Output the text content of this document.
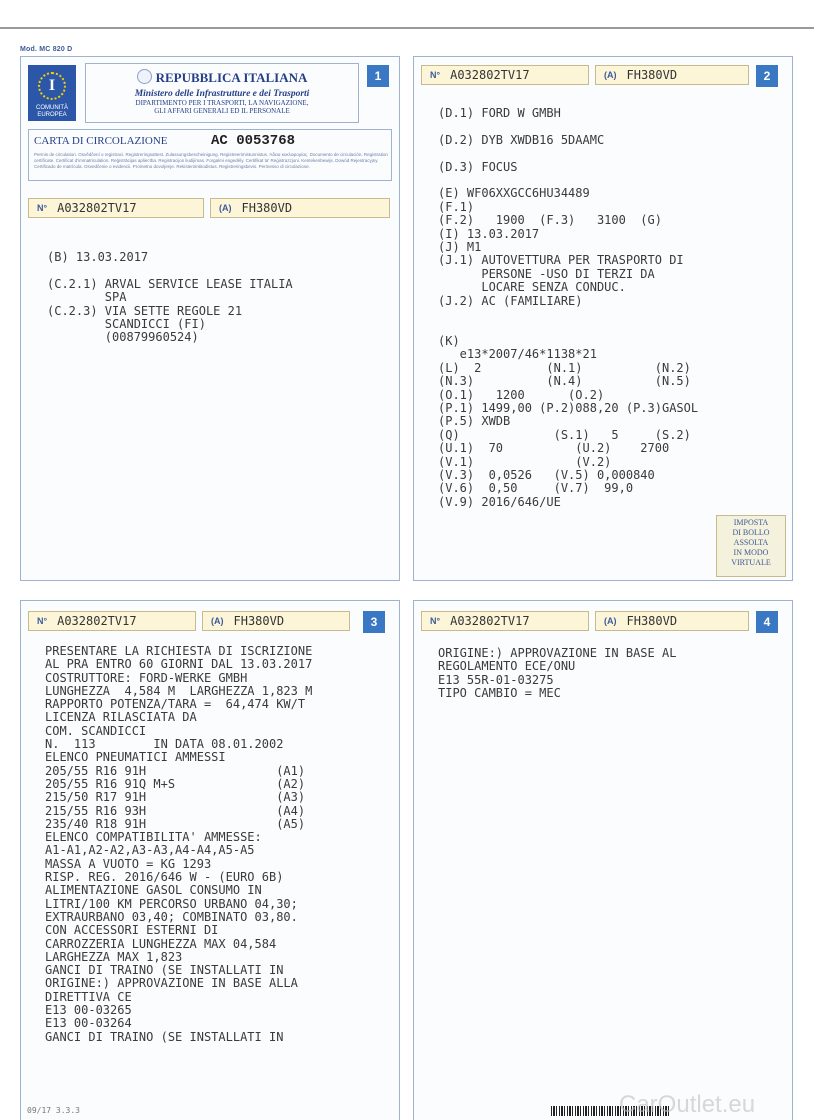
Mod. MC 820 D
I
COMUNITÀ
EUROPEA
REPUBBLICA ITALIANA
Ministero delle Infrastrutture e dei Trasporti
DIPARTIMENTO PER I TRASPORTI, LA NAVIGAZIONE,
GLI AFFARI GENERALI ED IL PERSONALE
1
CARTA DI CIRCOLAZIONE	AC 0053768
Permis de circulation. Osvědčení o registraci. Registreringsattest. Zulassungsbescheinigung. Registreerimistunnistus. Άδεια κυκλοφορίας. Documento de circulación. Registration certificate. Certificat d'immatriculation. Reģistrācijas apliecība. Registracijos liudijimas. Forgalmi engedély. Certifikat ta' Reġistrazzjoni. Kentekenbewijs. Dowód Rejestracyjny. Certificado de matrícula. Osvedčenie o evidencii. Prometno dovoljenje. Rekisteröintitodistus. Registreringsbevis. Permesso di circolazione.
N° A032802TV17	(A) FH380VD
(B) 13.03.2017

(C.2.1) ARVAL SERVICE LEASE ITALIA
SPA
(C.2.3) VIA SETTE REGOLE 21
SCANDICCI (FI)
(00879960524)
N° A032802TV17	(A) FH380VD	2
(D.1) FORD W GMBH

(D.2) DYB XWDB16 5DAAMC

(D.3) FOCUS

(E) WF06XXGCC6HU34489
(F.1)
(F.2)   1900  (F.3)   3100  (G)
(I) 13.03.2017
(J) M1
(J.1) AUTOVETTURA PER TRASPORTO DI
PERSONE -USO DI TERZI DA
LOCARE SENZA CONDUC.
(J.2) AC (FAMILIARE)

(K)
e13*2007/46*1138*21
(L)  2         (N.1)          (N.2)
(N.3)          (N.4)          (N.5)
(O.1)   1200      (O.2)
(P.1) 1499,00 (P.2)088,20 (P.3)GASOL
(P.5) XWDB
(Q)             (S.1)   5     (S.2)
(U.1)  70          (U.2)    2700
(V.1)              (V.2)
(V.3)  0,0526   (V.5) 0,000840
(V.6)  0,50     (V.7)  99,0
(V.9) 2016/646/UE
IMPOSTA
DI BOLLO
ASSOLTA
IN MODO
VIRTUALE
N° A032802TV17	(A) FH380VD	3
PRESENTARE LA RICHIESTA DI ISCRIZIONE
AL PRA ENTRO 60 GIORNI DAL 13.03.2017
COSTRUTTORE: FORD-WERKE GMBH
LUNGHEZZA  4,584 M  LARGHEZZA 1,823 M
RAPPORTO POTENZA/TARA =  64,474 KW/T
LICENZA RILASCIATA DA
COM. SCANDICCI
N.  113        IN DATA 08.01.2002
ELENCO PNEUMATICI AMMESSI
205/55 R16 91H                  (A1)
205/55 R16 91Q M+S              (A2)
215/50 R17 91H                  (A3)
215/55 R16 93H                  (A4)
235/40 R18 91H                  (A5)
ELENCO COMPATIBILITA' AMMESSE:
A1-A1,A2-A2,A3-A3,A4-A4,A5-A5
MASSA A VUOTO = KG 1293
RISP. REG. 2016/646 W - (EURO 6B)
ALIMENTAZIONE GASOL CONSUMO IN
LITRI/100 KM PERCORSO URBANO 04,30;
EXTRAURBANO 03,40; COMBINATO 03,80.
CON ACCESSORI ESTERNI DI
CARROZZERIA LUNGHEZZA MAX 04,584
LARGHEZZA MAX 1,823
GANCI DI TRAINO (SE INSTALLATI IN
ORIGINE:) APPROVAZIONE IN BASE ALLA
DIRETTIVA CE
E13 00-03265
E13 00-03264
GANCI DI TRAINO (SE INSTALLATI IN
09/17 3.3.3
N° A032802TV17	(A) FH380VD	4
ORIGINE:) APPROVAZIONE IN BASE AL
REGOLAMENTO ECE/ONU
E13 55R-01-03275
TIPO CAMBIO = MEC
CarOutlet.eu
